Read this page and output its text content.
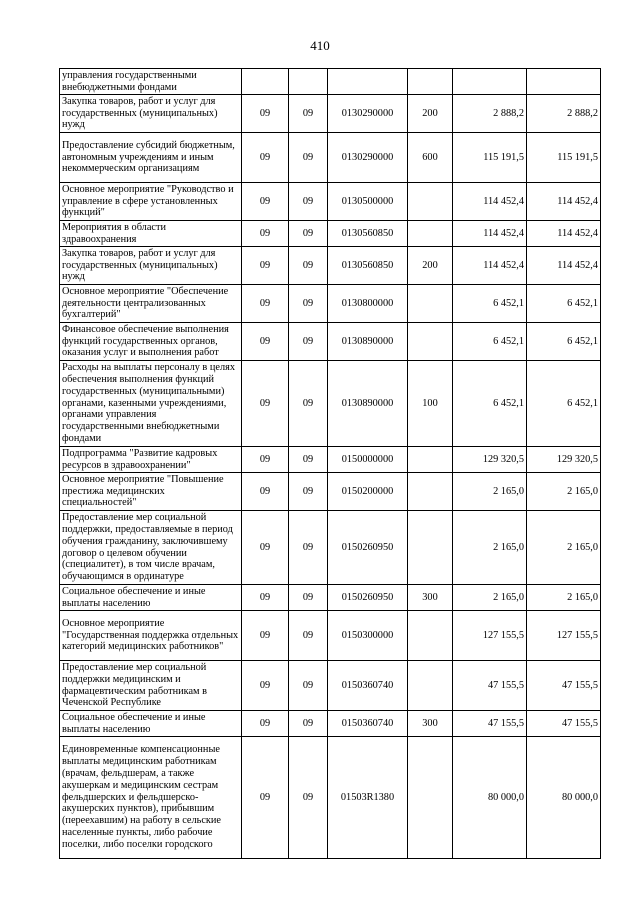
410
управления государственными внебюджетными фондами						
Закупка товаров, работ и услуг для государственных (муниципальных) нужд	09	09	0130290000	200	2 888,2	2 888,2
Предоставление субсидий бюджетным, автономным учреждениям и иным некоммерческим организациям	09	09	0130290000	600	115 191,5	115 191,5
Основное мероприятие "Руководство и управление в сфере установленных функций"	09	09	0130500000		114 452,4	114 452,4
Мероприятия в области здравоохранения	09	09	0130560850		114 452,4	114 452,4
Закупка товаров, работ и услуг для государственных (муниципальных) нужд	09	09	0130560850	200	114 452,4	114 452,4
Основное мероприятие "Обеспечение деятельности централизованных бухгалтерий"	09	09	0130800000		6 452,1	6 452,1
Финансовое обеспечение выполнения функций государственных органов, оказания услуг и выполнения работ	09	09	0130890000		6 452,1	6 452,1
Расходы на выплаты персоналу в целях обеспечения выполнения функций государственных (муниципальными) органами, казенными учреждениями, органами управления государственными внебюджетными фондами	09	09	0130890000	100	6 452,1	6 452,1
Подпрограмма "Развитие кадровых ресурсов в здравоохранении"	09	09	0150000000		129 320,5	129 320,5
Основное мероприятие "Повышение престижа медицинских специальностей"	09	09	0150200000		2 165,0	2 165,0
Предоставление мер социальной поддержки, предоставляемые в период обучения гражданину, заключившему договор о целевом обучении (специалитет), в том числе врачам, обучающимся в ординатуре	09	09	0150260950		2 165,0	2 165,0
Социальное обеспечение и иные выплаты населению	09	09	0150260950	300	2 165,0	2 165,0
Основное мероприятие "Государственная поддержка отдельных категорий медицинских работников"	09	09	0150300000		127 155,5	127 155,5
Предоставление мер социальной поддержки медицинским и фармацевтическим работникам в Чеченской Республике	09	09	0150360740		47 155,5	47 155,5
Социальное обеспечение и иные выплаты населению	09	09	0150360740	300	47 155,5	47 155,5
Единовременные компенсационные выплаты медицинским работникам (врачам, фельдшерам, а также акушеркам и медицинским сестрам фельдшерских и фельдшерско-акушерских пунктов), прибывшим (переехавшим) на работу в сельские населенные пункты, либо рабочие поселки, либо поселки городского	09	09	01503R1380		80 000,0	80 000,0
